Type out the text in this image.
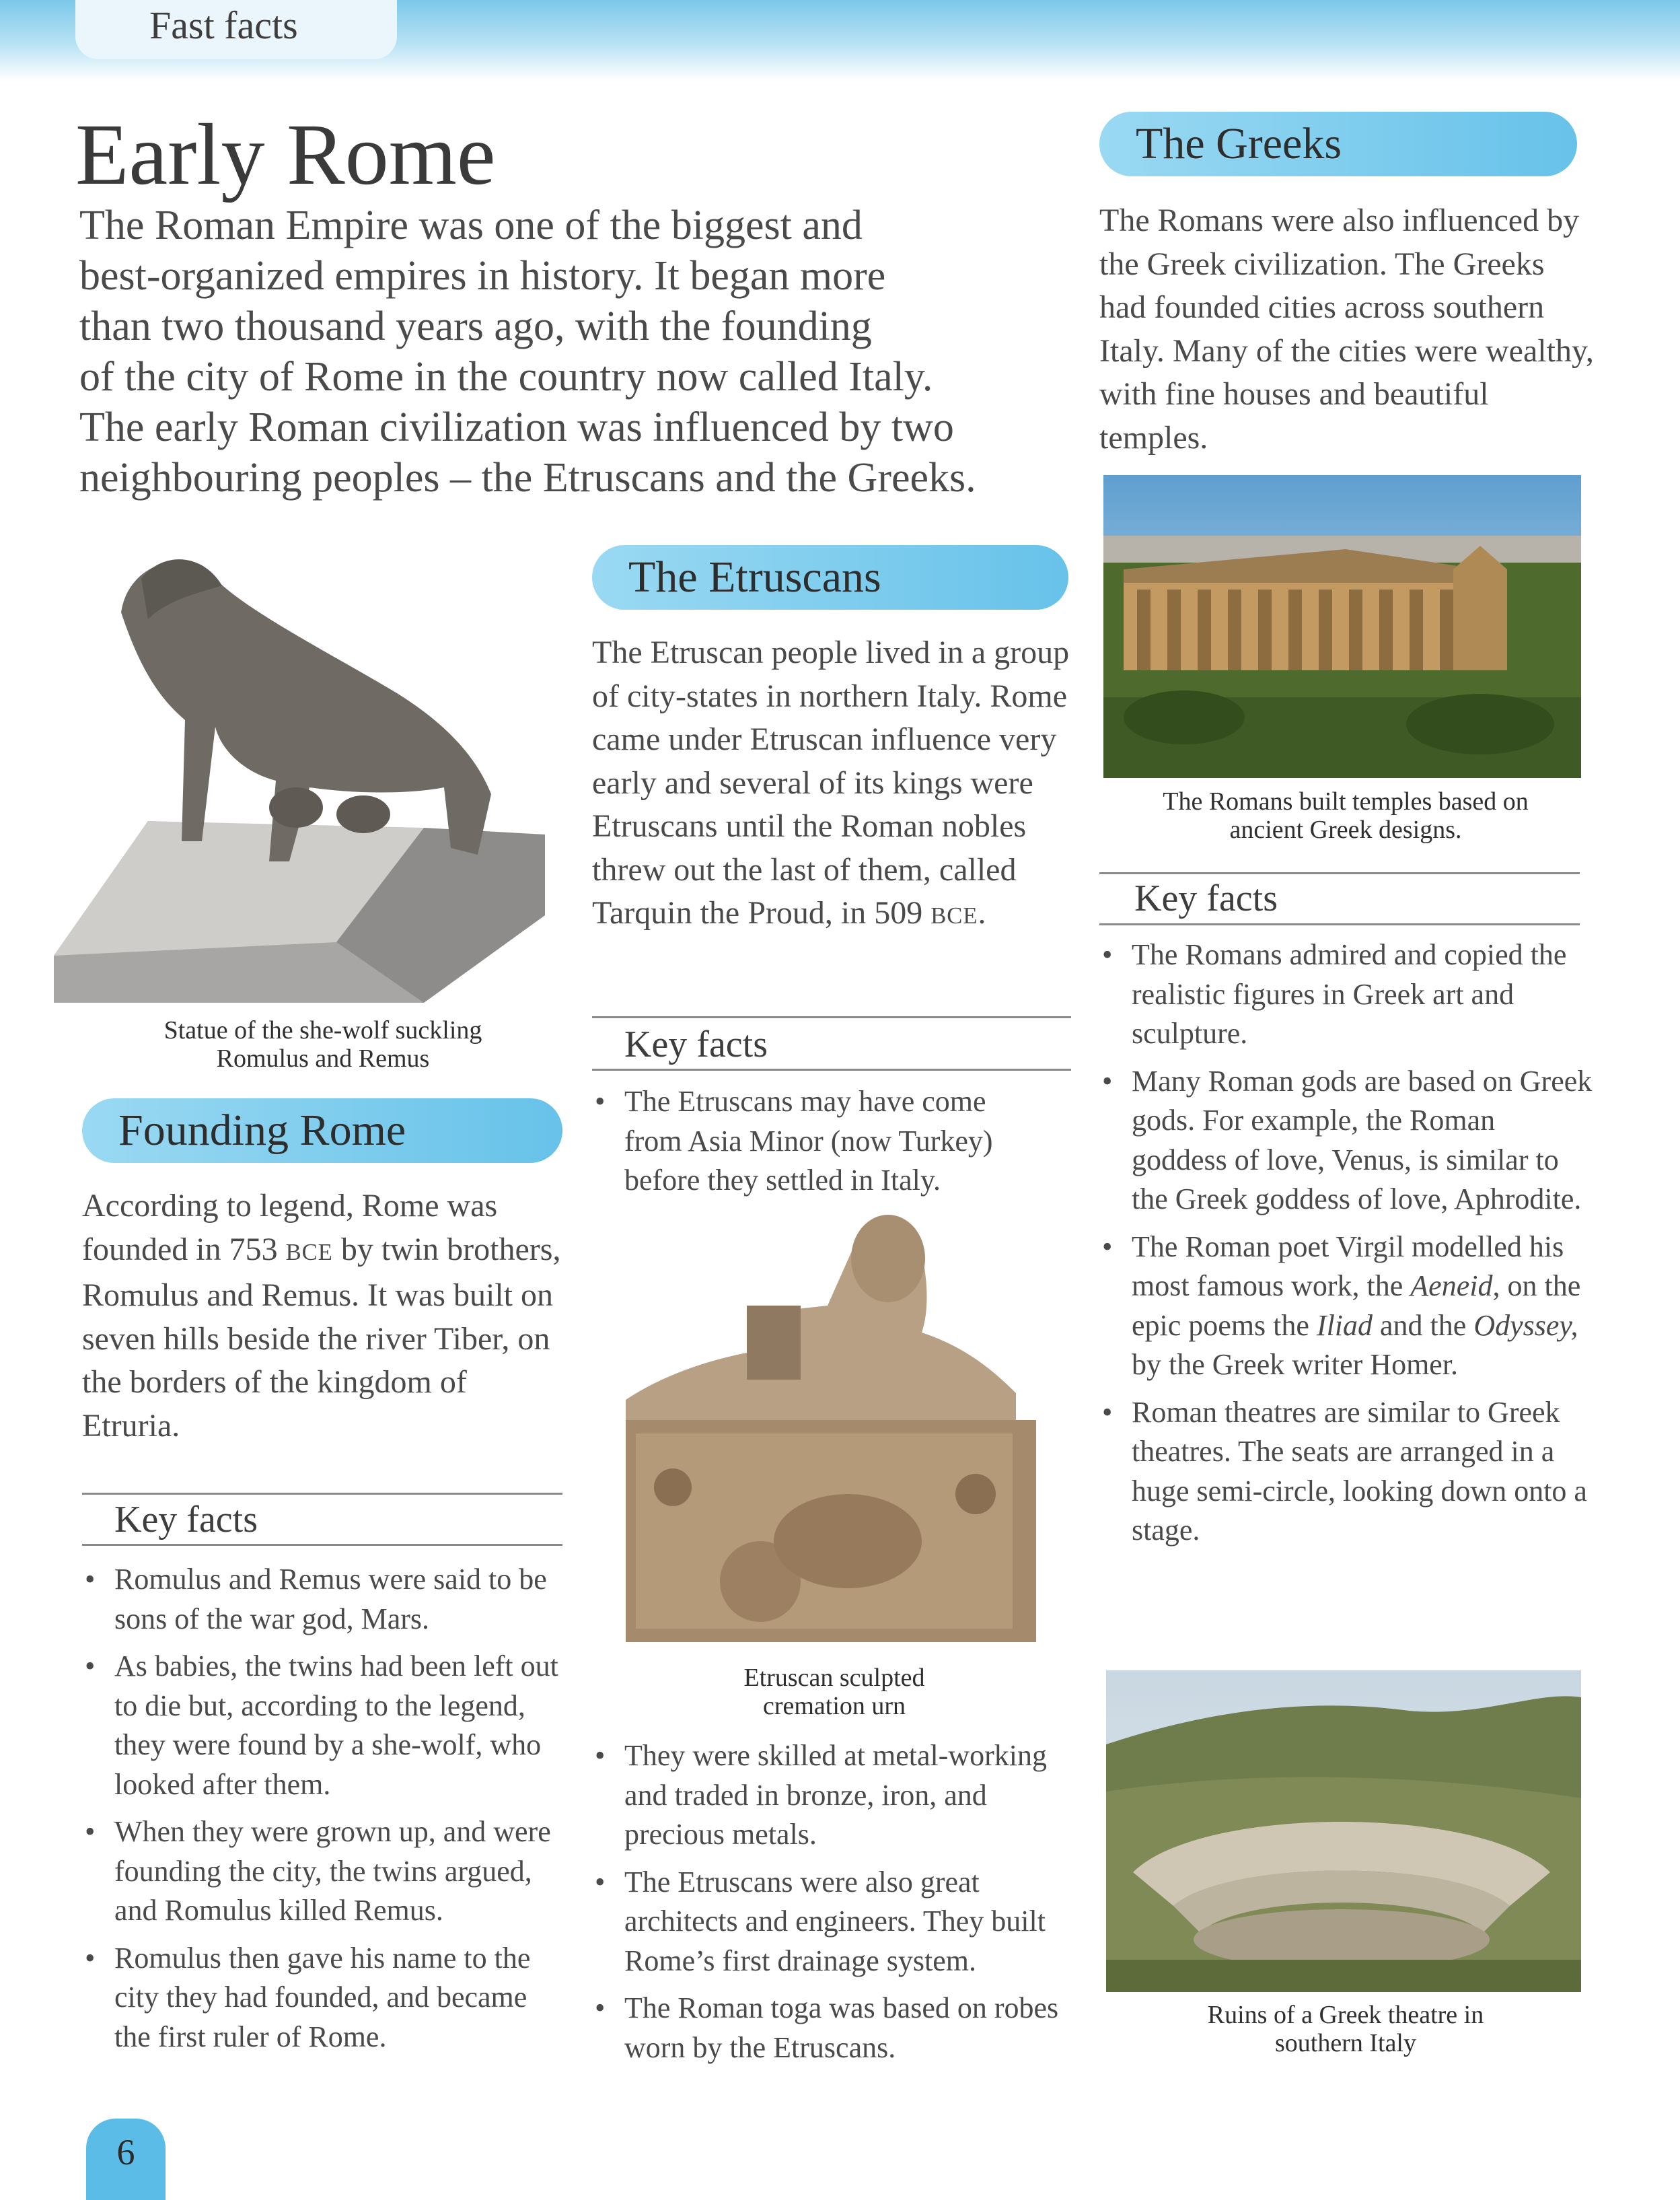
Fast facts
Early Rome
The Roman Empire was one of the biggest and
best-organized empires in history. It began more
than two thousand years ago, with the founding
of the city of Rome in the country now called Italy.
The early Roman civilization was influenced by two
neighbouring peoples – the Etruscans and the Greeks.

Statue of the she-wolf suckling
Romulus and Remus

Founding Rome

According to legend, Rome was founded in 753 BCE by twin brothers, Romulus and Remus. It was built on seven hills beside the river Tiber, on the borders of the kingdom of Etruria.

Key facts
• Romulus and Remus were said to be sons of the war god, Mars.
• As babies, the twins had been left out to die but, according to the legend, they were found by a she-wolf, who looked after them.
• When they were grown up, and were founding the city, the twins argued, and Romulus killed Remus.
• Romulus then gave his name to the city they had founded, and became the first ruler of Rome.
The Etruscans

The Etruscan people lived in a group of city-states in northern Italy. Rome came under Etruscan influence very early and several of its kings were Etruscans until the Roman nobles threw out the last of them, called Tarquin the Proud, in 509 BCE.

Key facts
• The Etruscans may have come from Asia Minor (now Turkey) before they settled in Italy.

Etruscan sculpted
cremation urn

• They were skilled at metal-working and traded in bronze, iron, and precious metals.
• The Etruscans were also great architects and engineers. They built Rome’s first drainage system.
• The Roman toga was based on robes worn by the Etruscans.
The Greeks

The Romans were also influenced by the Greek civilization. The Greeks had founded cities across southern Italy. Many of the cities were wealthy, with fine houses and beautiful temples.

The Romans built temples based on
ancient Greek designs.

Key facts
• The Romans admired and copied the realistic figures in Greek art and sculpture.
• Many Roman gods are based on Greek gods. For example, the Roman goddess of love, Venus, is similar to the Greek goddess of love, Aphrodite.
• The Roman poet Virgil modelled his most famous work, the Aeneid, on the epic poems the Iliad and the Odyssey, by the Greek writer Homer.
• Roman theatres are similar to Greek theatres. The seats are arranged in a huge semi-circle, looking down onto a stage.

Ruins of a Greek theatre in
southern Italy

6
